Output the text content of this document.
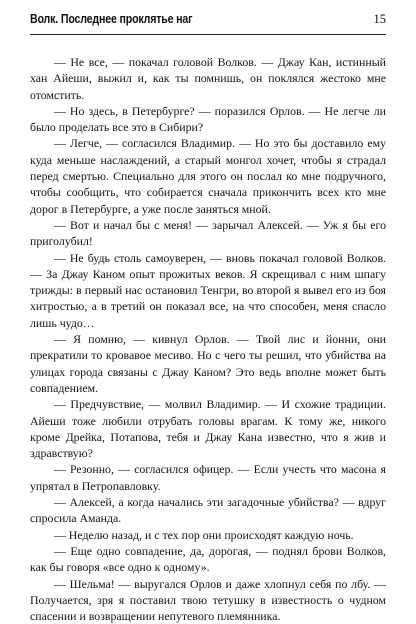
Волк. Последнее проклятье наг	15

— Не все, — покачал головой Волков. — Джау Кан, истинный хан Айеши, выжил и, как ты помнишь, он поклялся жестоко мне отомстить.

— Но здесь, в Петербурге? — поразился Орлов. — Не легче ли было проделать все это в Сибири?

— Легче, — согласился Владимир. — Но это бы доставило ему куда меньше наслаждений, а старый монгол хочет, чтобы я страдал перед смертью. Специально для этого он послал ко мне подручного, чтобы сообщить, что собирается сначала прикончить всех кто мне дорог в Петербурге, а уже после заняться мной.

— Вот и начал бы с меня! — зарычал Алексей. — Уж я бы его приголубил!

— Не будь столь самоуверен, — вновь покачал головой Волков. — За Джау Каном опыт прожитых веков. Я скрещивал с ним шпагу трижды: в первый нас остановил Тенгри, во второй я вывел его из боя хитростью, а в третий он показал все, на что способен, меня спасло лишь чудо…

— Я помню, — кивнул Орлов. — Твой лис и йонни, они прекратили то кровавое месиво. Но с чего ты решил, что убийства на улицах города связаны с Джау Каном? Это ведь вполне может быть совпадением.

— Предчувствие, — молвил Владимир. — И схожие традиции. Айеши тоже любили отрубать головы врагам. К тому же, никого кроме Дрейка, Потапова, тебя и Джау Кана известно, что я жив и здравствую?

— Резонно, — согласился офицер. — Если учесть что масона я упрятал в Петропавловку.

— Алексей, а когда начались эти загадочные убийства? — вдруг спросила Аманда.

— Неделю назад, и с тех пор они происходят каждую ночь.

— Еще одно совпадение, да, дорогая, — поднял брови Волков, как бы говоря «все одно к одному».

— Шельма! — выругался Орлов и даже хлопнул себя по лбу. — Получается, зря я поставил твою тетушку в известность о чудном спасении и возвращении непутевого племянника.
